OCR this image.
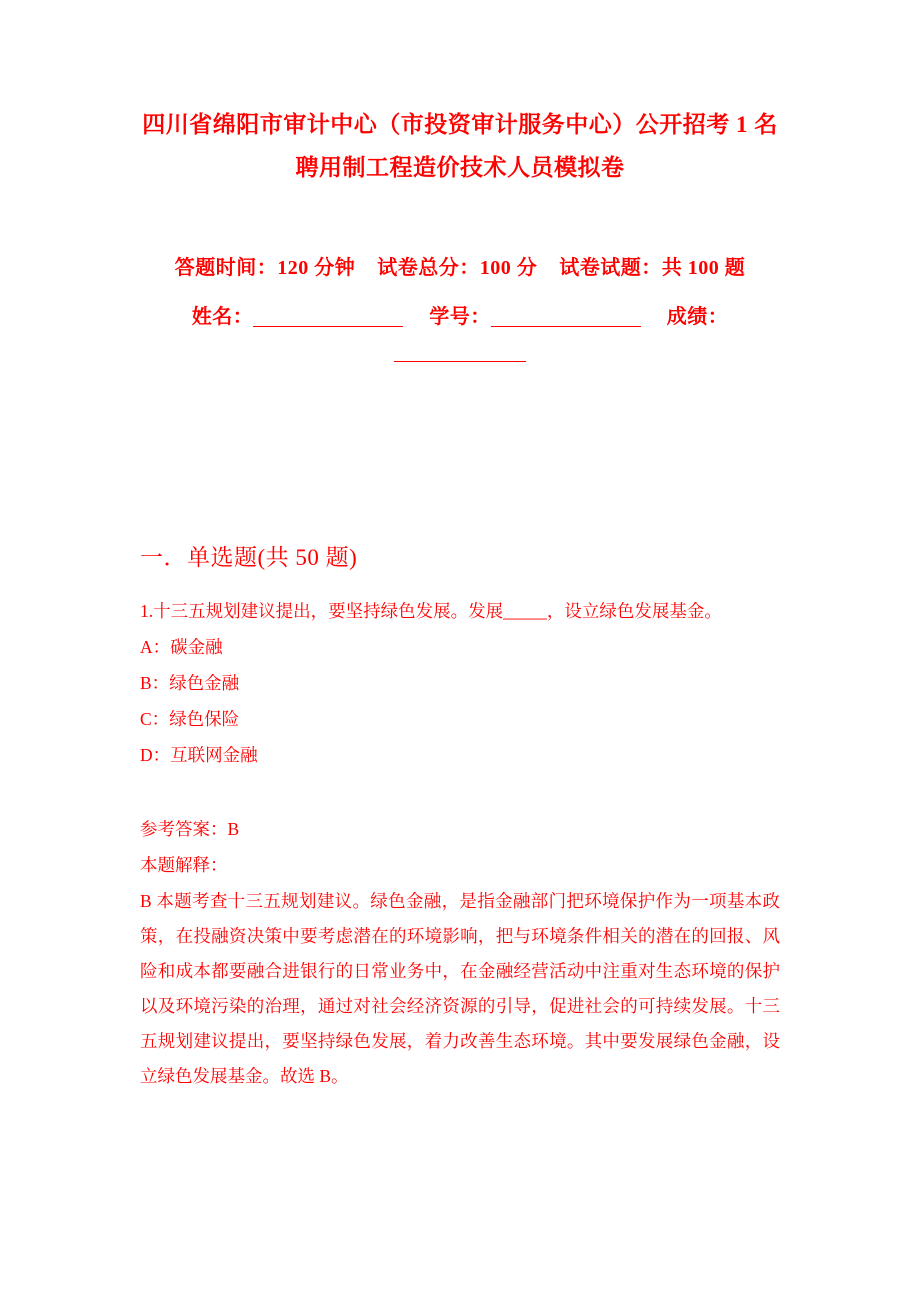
四川省绵阳市审计中心（市投资审计服务中心）公开招考 1 名聘用制工程造价技术人员模拟卷
答题时间：120 分钟 试卷总分：100 分 试卷试题：共 100 题
姓名：	学号：	成绩：
一．单选题(共 50 题)

1.十三五规划建议提出，要坚持绿色发展。发展_____，设立绿色发展基金。

A：碳金融

B：绿色金融

C：绿色保险

D：互联网金融

参考答案：B

本题解释：

B 本题考查十三五规划建议。绿色金融，是指金融部门把环境保护作为一项基本政策，在投融资决策中要考虑潜在的环境影响，把与环境条件相关的潜在的回报、风险和成本都要融合进银行的日常业务中，在金融经营活动中注重对生态环境的保护以及环境污染的治理，通过对社会经济资源的引导，促进社会的可持续发展。十三五规划建议提出，要坚持绿色发展，着力改善生态环境。其中要发展绿色金融，设立绿色发展基金。故选 B。
